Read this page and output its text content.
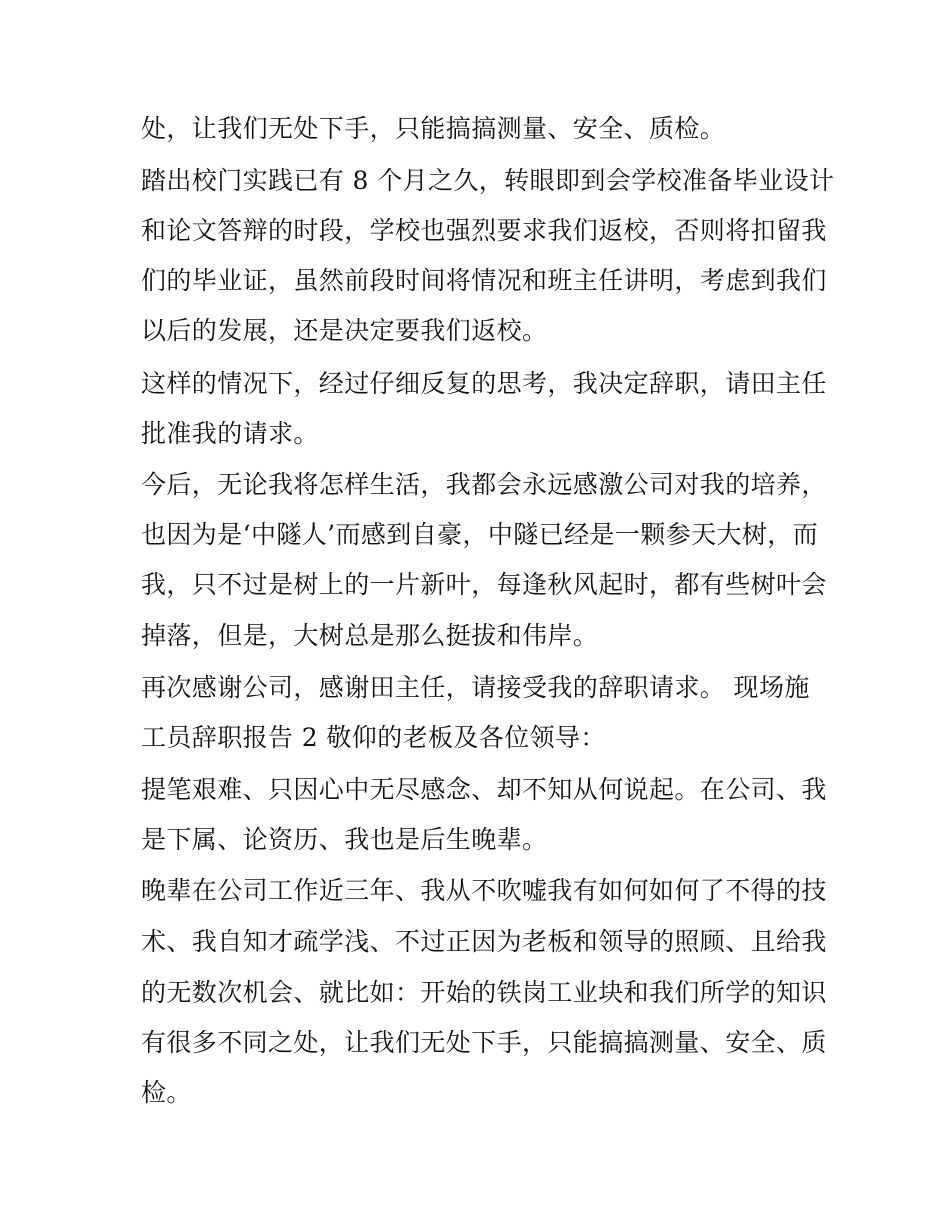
处，让我们无处下手，只能搞搞测量、安全、质检。
踏出校门实践已有 8 个月之久，转眼即到会学校准备毕业设计
和论文答辩的时段，学校也强烈要求我们返校，否则将扣留我
们的毕业证，虽然前段时间将情况和班主任讲明，考虑到我们
以后的发展，还是决定要我们返校。
这样的情况下，经过仔细反复的思考，我决定辞职，请田主任
批准我的请求。
今后，无论我将怎样生活，我都会永远感激公司对我的培养，
也因为是‘中隧人’而感到自豪，中隧已经是一颗参天大树，而
我，只不过是树上的一片新叶，每逢秋风起时，都有些树叶会
掉落，但是，大树总是那么挺拔和伟岸。
再次感谢公司，感谢田主任，请接受我的辞职请求。 现场施
工员辞职报告 2 敬仰的老板及各位领导：
提笔艰难、只因心中无尽感念、却不知从何说起。在公司、我
是下属、论资历、我也是后生晚辈。
晚辈在公司工作近三年、我从不吹嘘我有如何如何了不得的技
术、我自知才疏学浅、不过正因为老板和领导的照顾、且给我
的无数次机会、就比如：开始的铁岗工业块和我们所学的知识
有很多不同之处，让我们无处下手，只能搞搞测量、安全、质
检。
